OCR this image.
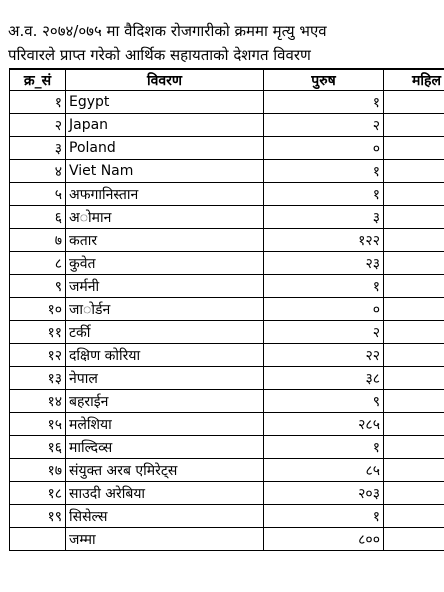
अ.व. २०७४/०७५ मा वैदिशक रोजगारीको क्रममा मृत्यु भएव
परिवारले प्राप्त गरेको आर्थिक सहायताको देशगत विवरण
क्र_सं	विवरण	पुरुष	महिल
१	Egypt	१	
२	Japan	२	
३	Poland	०	
४	Viet Nam	१	
५	अफगानिस्तान	१	
६	अ◌ोमान	३	
७	कतार	१२२	
८	कुवेत	२३	
९	जर्मनी	१	
१०	जा◌ोर्डन	०	
११	टर्की	२	
१२	दक्षिण कोरिया	२२	
१३	नेपाल	३८	
१४	बहराईन	९	
१५	मलेशिया	२८५	
१६	माल्दिव्स	१	
१७	संयुक्त अरब एमिरेट्स	८५	
१८	साउदी अरेबिया	२०३	
१९	सिसेल्स	१	
	जम्मा	८००	
